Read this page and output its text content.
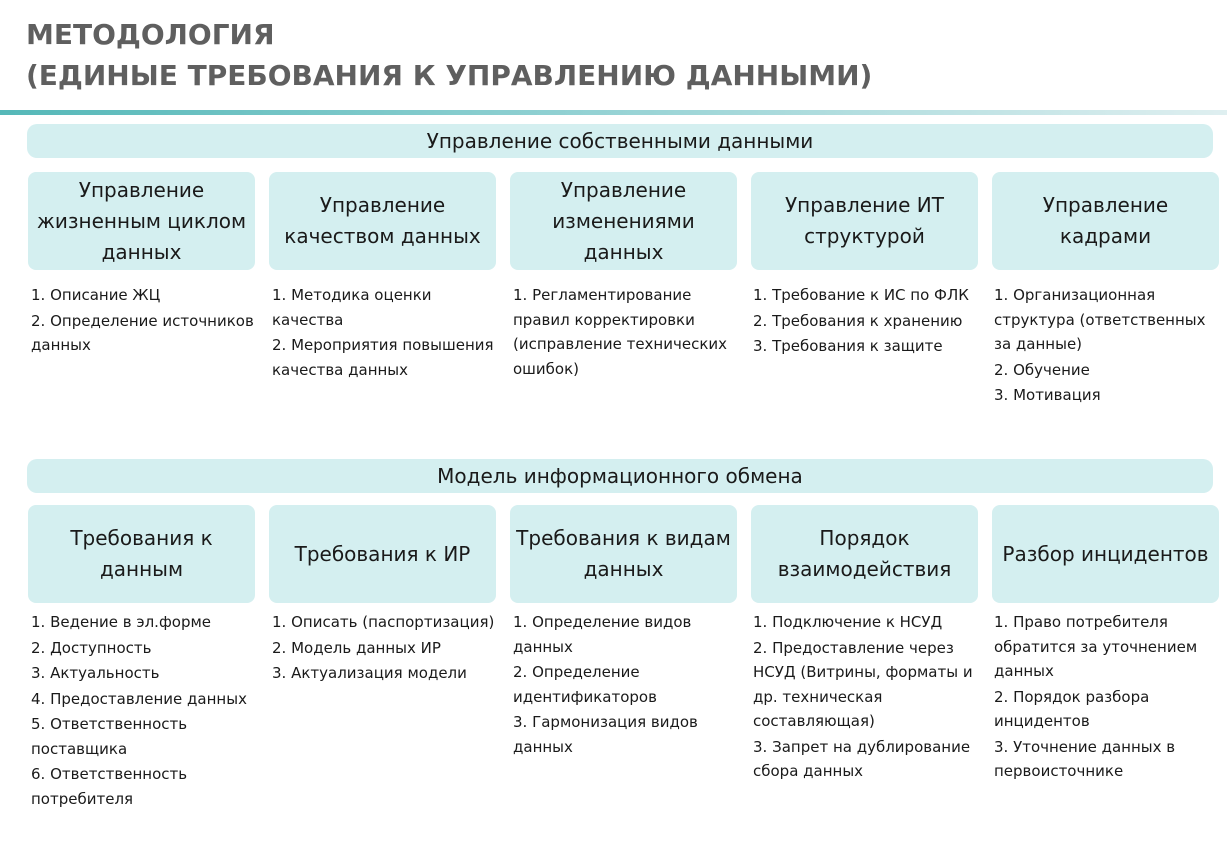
МЕТОДОЛОГИЯ
(ЕДИНЫЕ ТРЕБОВАНИЯ К УПРАВЛЕНИЮ ДАННЫМИ)
Управление собственными данными
Управление жизненным циклом данных
Управление качеством данных
Управление изменениями данных
Управление ИТ структурой
Управление кадрами
1. Описание ЖЦ
2. Определение источников данных
1. Методика оценки качества
2. Мероприятия повышения качества данных
1. Регламентирование правил корректировки (исправление технических ошибок)
1. Требование к ИС по ФЛК
2. Требования к хранению
3. Требования к защите
1. Организационная структура (ответственных за данные)
2. Обучение
3. Мотивация
Модель информационного обмена
Требования к данным
Требования к ИР
Требования к видам данных
Порядок взаимодействия
Разбор инцидентов
1. Ведение в эл.форме
2. Доступность
3. Актуальность
4. Предоставление данных
5. Ответственность поставщика
6. Ответственность потребителя
1. Описать (паспортизация)
2. Модель данных ИР
3. Актуализация модели
1. Определение видов данных
2. Определение идентификаторов
3. Гармонизация видов данных
1. Подключение к НСУД
2. Предоставление через НСУД (Витрины, форматы и др. техническая составляющая)
3. Запрет на дублирование сбора данных
1. Право потребителя обратится за уточнением данных
2. Порядок разбора инцидентов
3. Уточнение данных в первоисточнике
